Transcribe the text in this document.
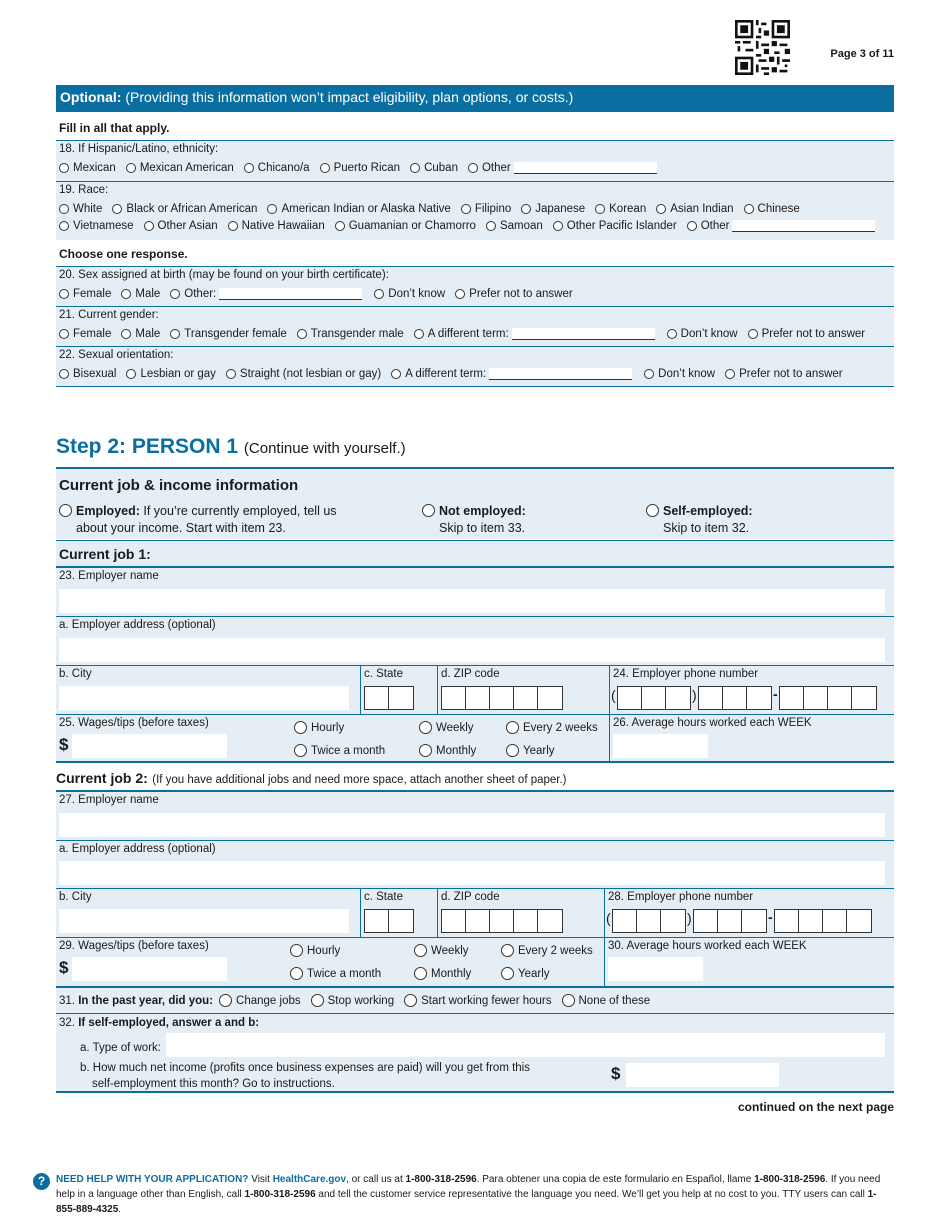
Page 3 of 11
Optional: (Providing this information won’t impact eligibility, plan options, or costs.)
Fill in all that apply.
18. If Hispanic/Latino, ethnicity:
Mexican Mexican American Chicano/a Puerto Rican Cuban Other
19. Race:
White Black or African American American Indian or Alaska Native Filipino Japanese Korean Asian Indian Chinese
Vietnamese Other Asian Native Hawaiian Guamanian or Chamorro Samoan Other Pacific Islander Other
Choose one response.
20. Sex assigned at birth (may be found on your birth certificate):
Female Male Other:	Don’t know Prefer not to answer
21. Current gender:
Female Male Transgender female Transgender male A different term:	Don’t know Prefer not to answer
22. Sexual orientation:
Bisexual Lesbian or gay Straight (not lesbian or gay) A different term:	Don’t know Prefer not to answer
Step 2: PERSON 1 (Continue with yourself.)
Current job & income information
Employed: If you’re currently employed, tell us
about your income. Start with item 23.
Not employed:
Skip to item 33.
Self-employed:
Skip to item 32.
Current job 1:
23. Employer name
a. Employer address (optional)
b. City	c. State	d. ZIP code	24. Employer phone number
(	)	-
25. Wages/tips (before taxes)
$
Hourly	Weekly	Every 2 weeks
Twice a month	Monthly	Yearly
26. Average hours worked each WEEK
Current job 2: (If you have additional jobs and need more space, attach another sheet of paper.)
27. Employer name
a. Employer address (optional)
b. City	c. State	d. ZIP code	28. Employer phone number
(	)	-
29. Wages/tips (before taxes)
$
Hourly	Weekly	Every 2 weeks
Twice a month	Monthly	Yearly
30. Average hours worked each WEEK
31. In the past year, did you: Change jobs Stop working Start working fewer hours None of these
32. If self-employed, answer a and b:
a. Type of work:
b. How much net income (profits once business expenses are paid) will you get from this
self-employment this month? Go to instructions.
$
continued on the next page
?	NEED HELP WITH YOUR APPLICATION? Visit HealthCare.gov, or call us at 1-800-318-2596. Para obtener una copia de este formulario en Español, llame 1-800-318-2596. If you need help in a language other than English, call 1-800-318-2596 and tell the customer service representative the language you need. We’ll get you help at no cost to you. TTY users can call 1-855-889-4325.
